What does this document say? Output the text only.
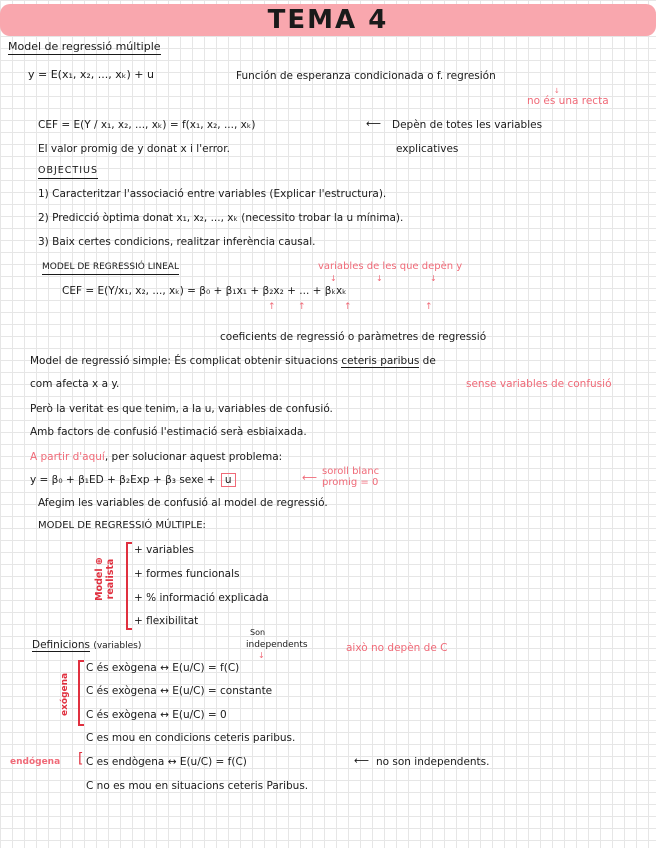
TEMA 4
Model de regressió múltiple
y = E(x₁, x₂, ..., xₖ) + u	Función de esperanza condicionada o f. regresión
↓
no és una recta
CEF = E(Y / x₁, x₂, ..., xₖ) = f(x₁, x₂, ..., xₖ)	⟵ Depèn de totes les variables
El valor promig de y donat x i l'error.	explicatives
OBJECTIUS
1) Caracteritzar l'associació entre variables (Explicar l'estructura).
2) Predicció òptima donat x₁, x₂, ..., xₖ (necessito trobar la u mínima).
3) Baix certes condicions, realitzar inferència causal.
MODEL DE REGRESSIÓ LINEAL	variables de les que depèn y
↓	↓	↓
CEF = E(Y/x₁, x₂, ..., xₖ) = β₀ + β₁x₁ + β₂x₂ + ... + βₖxₖ
↑ ↑	↑	↑
coeficients de regressió o paràmetres de regressió
Model de regressió simple: És complicat obtenir situacions ceteris paribus de
com afecta x a y.	sense variables de confusió
Però la veritat es que tenim, a la u, variables de confusió.
Amb factors de confusió l'estimació serà esbiaixada.
A partir d'aquí, per solucionar aquest problema:
y = β₀ + β₁ED + β₂Exp + β₃ sexe + u	⟵
soroll blanc
promig = 0
Afegim les variables de confusió al model de regressió.
MODEL DE REGRESSIÓ MÚLTIPLE:
Model ⊕ realista
+ variables
+ formes funcionals
+ % informació explicada
+ flexibilitat
Definicions (variables)
Son
independents
↓
això no depèn de C
exógena
C és exògena ↔ E(u/C) = f(C)
C és exògena ↔ E(u/C) = constante
C és exògena ↔ E(u/C) = 0
C es mou en condicions ceteris paribus.
endógena [ C es endògena ↔ E(u/C) = f(C)	⟵ no son independents.
C no es mou en situacions ceteris Paribus.
